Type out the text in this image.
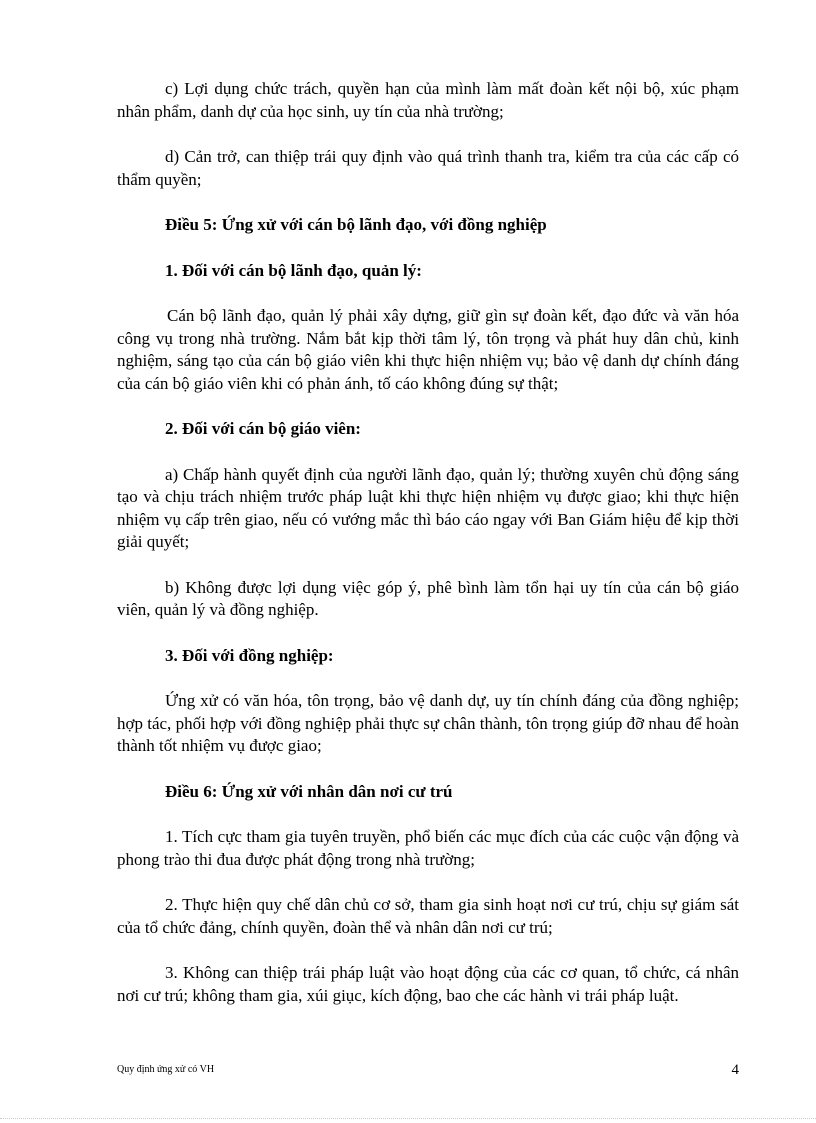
c) Lợi dụng chức trách, quyền hạn của mình làm mất đoàn kết nội bộ, xúc phạm nhân phẩm, danh dự của học sinh, uy tín của nhà trường;

d) Cản trở, can thiệp trái quy định vào quá trình thanh tra, kiểm tra của các cấp có thẩm quyền;

Điều 5: Ứng xử với cán bộ lãnh đạo, với đồng nghiệp
1. Đối với cán bộ lãnh đạo, quản lý:

Cán bộ lãnh đạo, quản lý phải xây dựng, giữ gìn sự đoàn kết, đạo đức và văn hóa công vụ trong nhà trường. Nắm bắt kịp thời tâm lý, tôn trọng và phát huy dân chủ, kinh nghiệm, sáng tạo của cán bộ giáo viên khi thực hiện nhiệm vụ; bảo vệ danh dự chính đáng của cán bộ giáo viên khi có phản ánh, tố cáo không đúng sự thật;

2. Đối với cán bộ giáo viên:

a) Chấp hành quyết định của người lãnh đạo, quản lý; thường xuyên chủ động sáng tạo và chịu trách nhiệm trước pháp luật khi thực hiện nhiệm vụ được giao; khi thực hiện nhiệm vụ cấp trên giao, nếu có vướng mắc thì báo cáo ngay với Ban Giám hiệu để kịp thời giải quyết;

b) Không được lợi dụng việc góp ý, phê bình làm tổn hại uy tín của cán bộ giáo viên, quản lý và đồng nghiệp.

3. Đối với đồng nghiệp:

Ứng xử có văn hóa, tôn trọng, bảo vệ danh dự, uy tín chính đáng của đồng nghiệp; hợp tác, phối hợp với đồng nghiệp phải thực sự chân thành, tôn trọng giúp đỡ nhau để hoàn thành tốt nhiệm vụ được giao;

Điều 6: Ứng xử với nhân dân nơi cư trú

1. Tích cực tham gia tuyên truyền, phổ biến các mục đích của các cuộc vận động và phong trào thi đua được phát động trong nhà trường;

2. Thực hiện quy chế dân chủ cơ sở, tham gia sinh hoạt nơi cư trú, chịu sự giám sát của tổ chức đảng, chính quyền, đoàn thể và nhân dân nơi cư trú;

3. Không can thiệp trái pháp luật vào hoạt động của các cơ quan, tổ chức, cá nhân nơi cư trú; không tham gia, xúi giục, kích động, bao che các hành vi trái pháp luật.

Quy định ứng xử có VH	4
